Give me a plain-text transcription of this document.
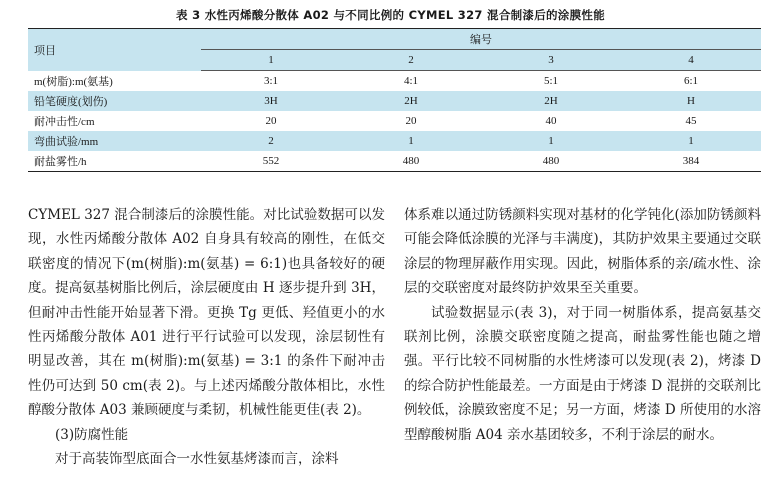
表 3 水性丙烯酸分散体 A02 与不同比例的 CYMEL 327 混合制漆后的涂膜性能
项目	编号			
	1	2	3	4
m(树脂):m(氨基)	3:1	4:1	5:1	6:1
铅笔硬度(划伤)	3H	2H	2H	H
耐冲击性/cm	20	20	40	45
弯曲试验/mm	2	1	1	1
耐盐雾性/h	552	480	480	384

CYMEL 327 混合制漆后的涂膜性能。对比试验数据可以发现，水性丙烯酸分散体 A02 自身具有较高的刚性，在低交联密度的情况下(m(树脂):m(氨基) = 6:1)也具备较好的硬度。提高氨基树脂比例后，涂层硬度由 H 逐步提升到 3H，但耐冲击性能开始显著下滑。更换 Tg 更低、羟值更小的水性丙烯酸分散体 A01 进行平行试验可以发现，涂层韧性有明显改善，其在 m(树脂):m(氨基) = 3:1 的条件下耐冲击性仍可达到 50 cm(表 2)。与上述丙烯酸分散体相比，水性醇酸分散体 A03 兼顾硬度与柔韧，机械性能更佳(表 2)。

(3)防腐性能

对于高装饰型底面合一水性氨基烤漆而言，涂料

体系难以通过防锈颜料实现对基材的化学钝化(添加防锈颜料可能会降低涂膜的光泽与丰满度)，其防护效果主要通过交联涂层的物理屏蔽作用实现。因此，树脂体系的亲/疏水性、涂层的交联密度对最终防护效果至关重要。

试验数据显示(表 3)，对于同一树脂体系，提高氨基交联剂比例，涂膜交联密度随之提高，耐盐雾性能也随之增强。平行比较不同树脂的水性烤漆可以发现(表 2)，烤漆 D 的综合防护性能最差。一方面是由于烤漆 D 混拼的交联剂比例较低，涂膜致密度不足；另一方面，烤漆 D 所使用的水溶型醇酸树脂 A04 亲水基团较多，不利于涂层的耐水。
